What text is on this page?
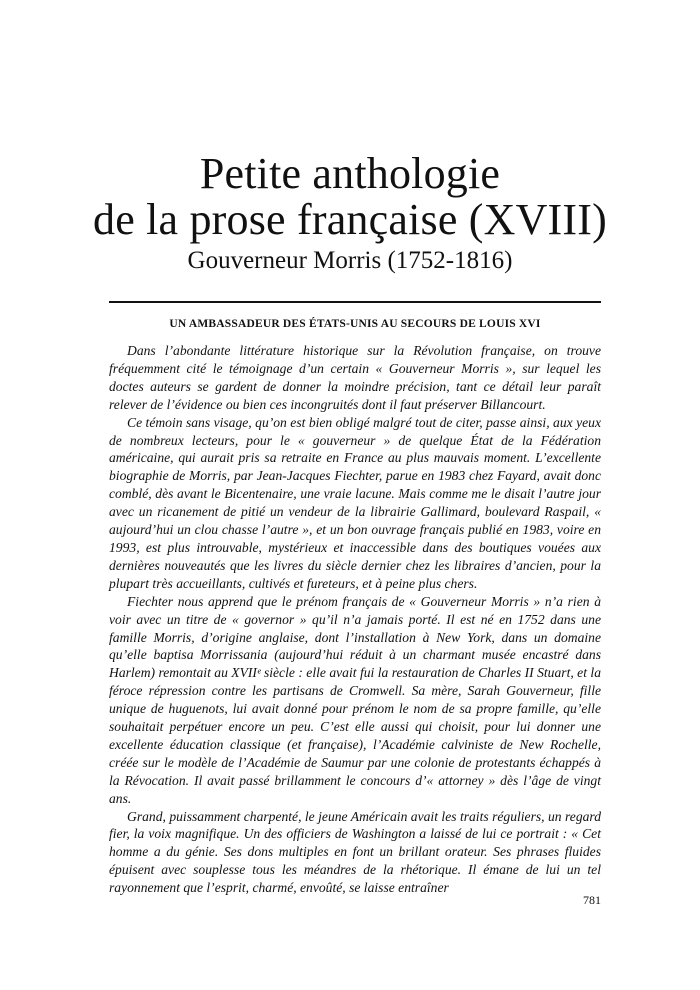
Petite anthologie
de la prose française (XVIII)
Gouverneur Morris (1752-1816)
UN AMBASSADEUR DES ÉTATS-UNIS AU SECOURS DE LOUIS XVI

Dans l’abondante littérature historique sur la Révolution française, on trouve fréquemment cité le témoignage d’un certain « Gouverneur Morris », sur lequel les doctes auteurs se gardent de donner la moindre précision, tant ce détail leur paraît relever de l’évidence ou bien ces incongruités dont il faut préserver Billancourt.

Ce témoin sans visage, qu’on est bien obligé malgré tout de citer, passe ainsi, aux yeux de nombreux lecteurs, pour le « gouverneur » de quelque État de la Fédération américaine, qui aurait pris sa retraite en France au plus mauvais moment. L’excellente biographie de Morris, par Jean-Jacques Fiechter, parue en 1983 chez Fayard, avait donc comblé, dès avant le Bicentenaire, une vraie lacune. Mais comme me le disait l’autre jour avec un ricanement de pitié un vendeur de la librairie Gallimard, boulevard Raspail, « aujourd’hui un clou chasse l’autre », et un bon ouvrage français publié en 1983, voire en 1993, est plus introuvable, mystérieux et inaccessible dans des boutiques vouées aux dernières nouveautés que les livres du siècle dernier chez les libraires d’ancien, pour la plupart très accueillants, cultivés et fureteurs, et à peine plus chers.

Fiechter nous apprend que le prénom français de « Gouverneur Morris » n’a rien à voir avec un titre de « governor » qu’il n’a jamais porté. Il est né en 1752 dans une famille Morris, d’origine anglaise, dont l’installation à New York, dans un domaine qu’elle baptisa Morrissania (aujourd’hui réduit à un charmant musée encastré dans Harlem) remontait au XVIIᵉ siècle : elle avait fui la restauration de Charles II Stuart, et la féroce répression contre les partisans de Cromwell. Sa mère, Sarah Gouverneur, fille unique de huguenots, lui avait donné pour prénom le nom de sa propre famille, qu’elle souhaitait perpétuer encore un peu. C’est elle aussi qui choisit, pour lui donner une excellente éducation classique (et française), l’Académie calviniste de New Rochelle, créée sur le modèle de l’Académie de Saumur par une colonie de protestants échappés à la Révocation. Il avait passé brillamment le concours d’« attorney » dès l’âge de vingt ans.

Grand, puissamment charpenté, le jeune Américain avait les traits réguliers, un regard fier, la voix magnifique. Un des officiers de Washington a laissé de lui ce portrait : « Cet homme a du génie. Ses dons multiples en font un brillant orateur. Ses phrases fluides épuisent avec souplesse tous les méandres de la rhétorique. Il émane de lui un tel rayonnement que l’esprit, charmé, envoûté, se laisse entraîner

781
